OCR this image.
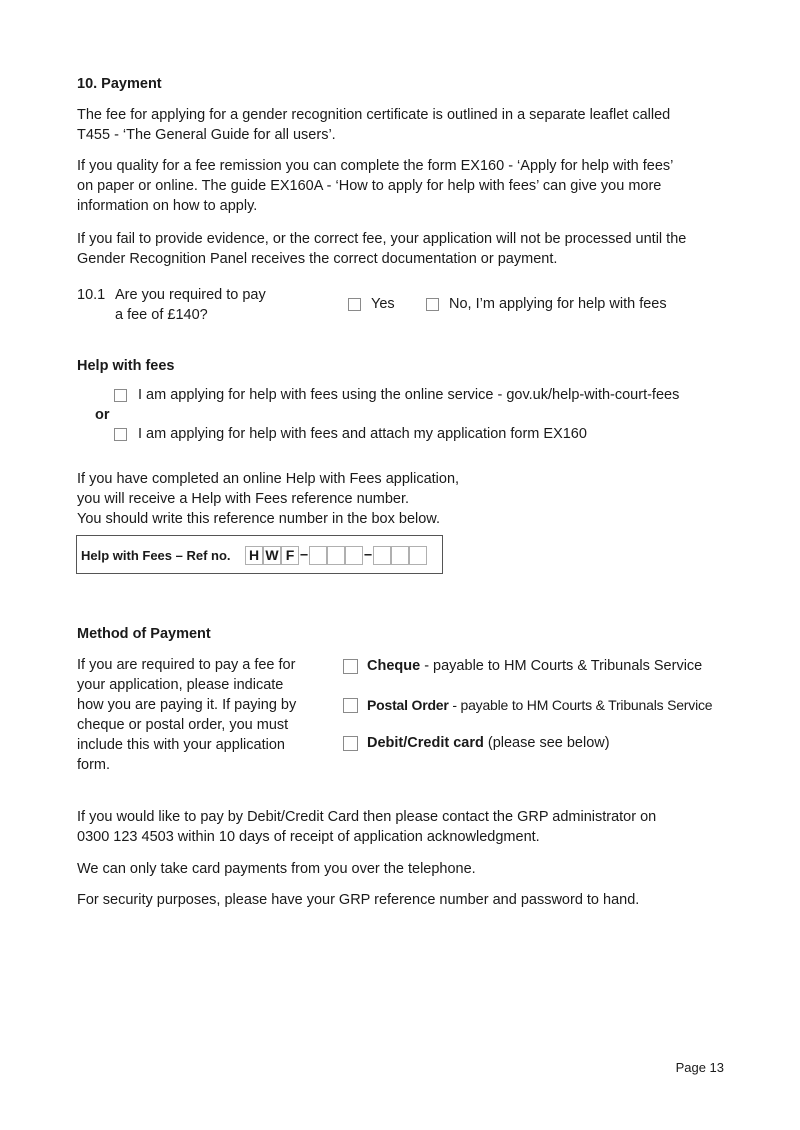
10. Payment
The fee for applying for a gender recognition certificate is outlined in a separate leaflet called
T455 - ‘The General Guide for all users’.
If you quality for a fee remission you can complete the form EX160 - ‘Apply for help with fees’
on paper or online. The guide EX160A - ‘How to apply for help with fees’ can give you more
information on how to apply.
If you fail to provide evidence, or the correct fee, your application will not be processed until the
Gender Recognition Panel receives the correct documentation or payment.
10.1 Are you required to pay
a fee of £140?
Yes	No, I’m applying for help with fees
Help with fees
I am applying for help with fees using the online service - gov.uk/help-with-court-fees
or
I am applying for help with fees and attach my application form EX160
If you have completed an online Help with Fees application,
you will receive a Help with Fees reference number.
You should write this reference number in the box below.
Help with Fees – Ref no. H W F –	–
Method of Payment
If you are required to pay a fee for
your application, please indicate
how you are paying it. If paying by
cheque or postal order, you must
include this with your application
form.
Cheque - payable to HM Courts & Tribunals Service
Postal Order - payable to HM Courts & Tribunals Service
Debit/Credit card (please see below)
If you would like to pay by Debit/Credit Card then please contact the GRP administrator on
0300 123 4503 within 10 days of receipt of application acknowledgment.
We can only take card payments from you over the telephone.
For security purposes, please have your GRP reference number and password to hand.
Page 13
